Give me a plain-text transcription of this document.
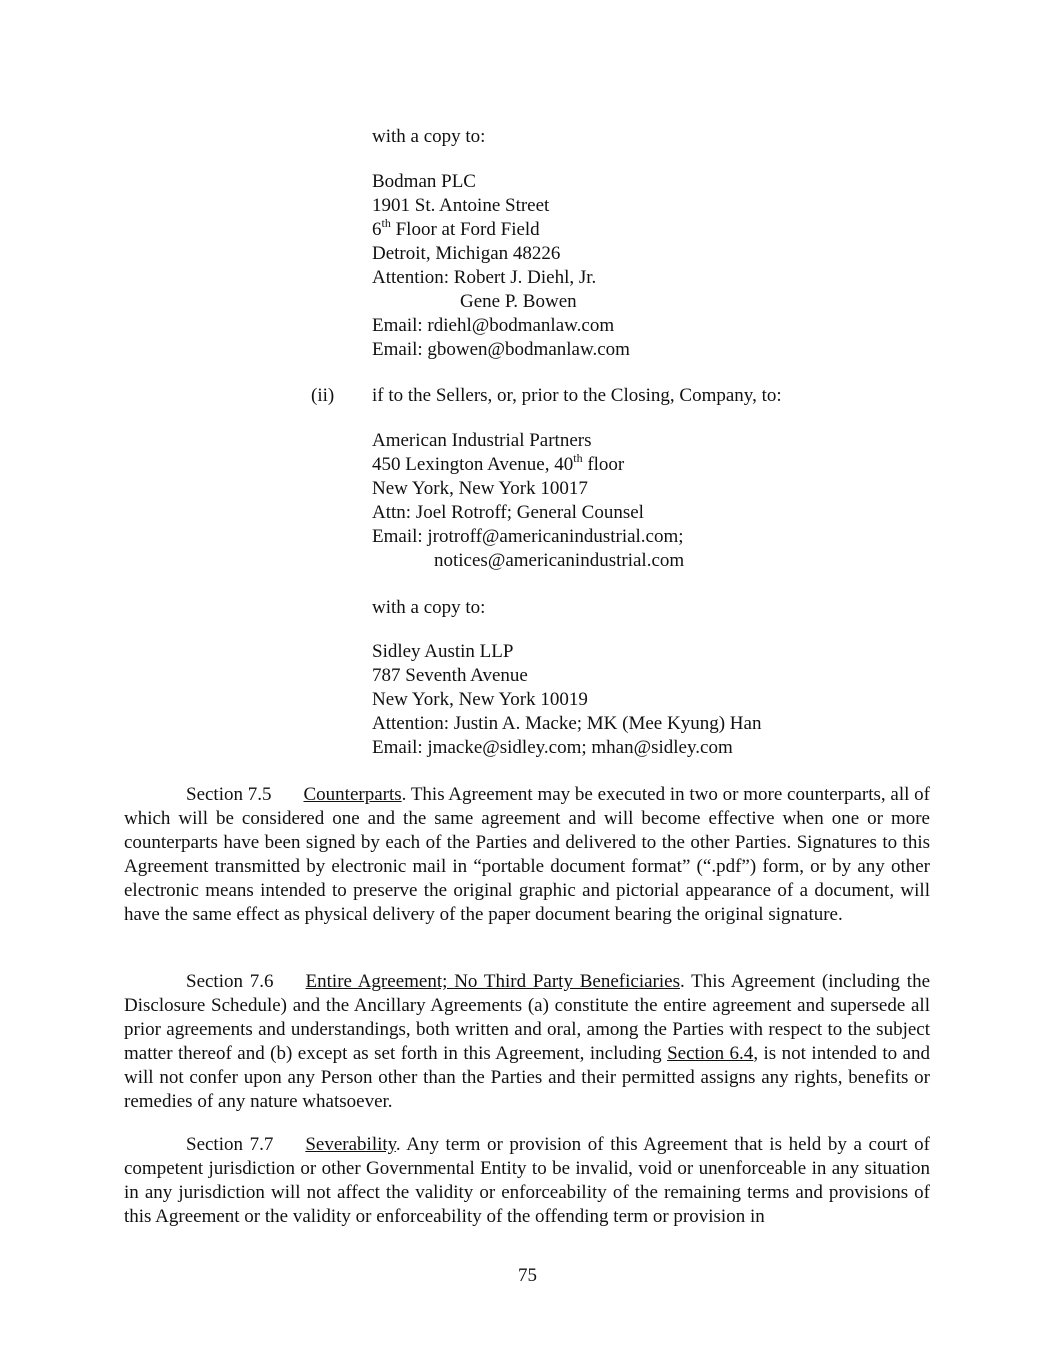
with a copy to:
Bodman PLC
1901 St. Antoine Street
6th Floor at Ford Field
Detroit, Michigan 48226
Attention: Robert J. Diehl, Jr.
Gene P. Bowen
Email: rdiehl@bodmanlaw.com
Email: gbowen@bodmanlaw.com
(ii) if to the Sellers, or, prior to the Closing, Company, to:
American Industrial Partners
450 Lexington Avenue, 40th floor
New York, New York 10017
Attn: Joel Rotroff; General Counsel
Email: jrotroff@americanindustrial.com;
notices@americanindustrial.com
with a copy to:
Sidley Austin LLP
787 Seventh Avenue
New York, New York 10019
Attention: Justin A. Macke; MK (Mee Kyung) Han
Email: jmacke@sidley.com; mhan@sidley.com
Section 7.5 Counterparts. This Agreement may be executed in two or more counterparts, all of which will be considered one and the same agreement and will become effective when one or more counterparts have been signed by each of the Parties and delivered to the other Parties. Signatures to this Agreement transmitted by electronic mail in “portable document format” (“.pdf”) form, or by any other electronic means intended to preserve the original graphic and pictorial appearance of a document, will have the same effect as physical delivery of the paper document bearing the original signature.
Section 7.6 Entire Agreement; No Third Party Beneficiaries. This Agreement (including the Disclosure Schedule) and the Ancillary Agreements (a) constitute the entire agreement and supersede all prior agreements and understandings, both written and oral, among the Parties with respect to the subject matter thereof and (b) except as set forth in this Agreement, including Section 6.4, is not intended to and will not confer upon any Person other than the Parties and their permitted assigns any rights, benefits or remedies of any nature whatsoever.
Section 7.7 Severability. Any term or provision of this Agreement that is held by a court of competent jurisdiction or other Governmental Entity to be invalid, void or unenforceable in any situation in any jurisdiction will not affect the validity or enforceability of the remaining terms and provisions of this Agreement or the validity or enforceability of the offending term or provision in
75
